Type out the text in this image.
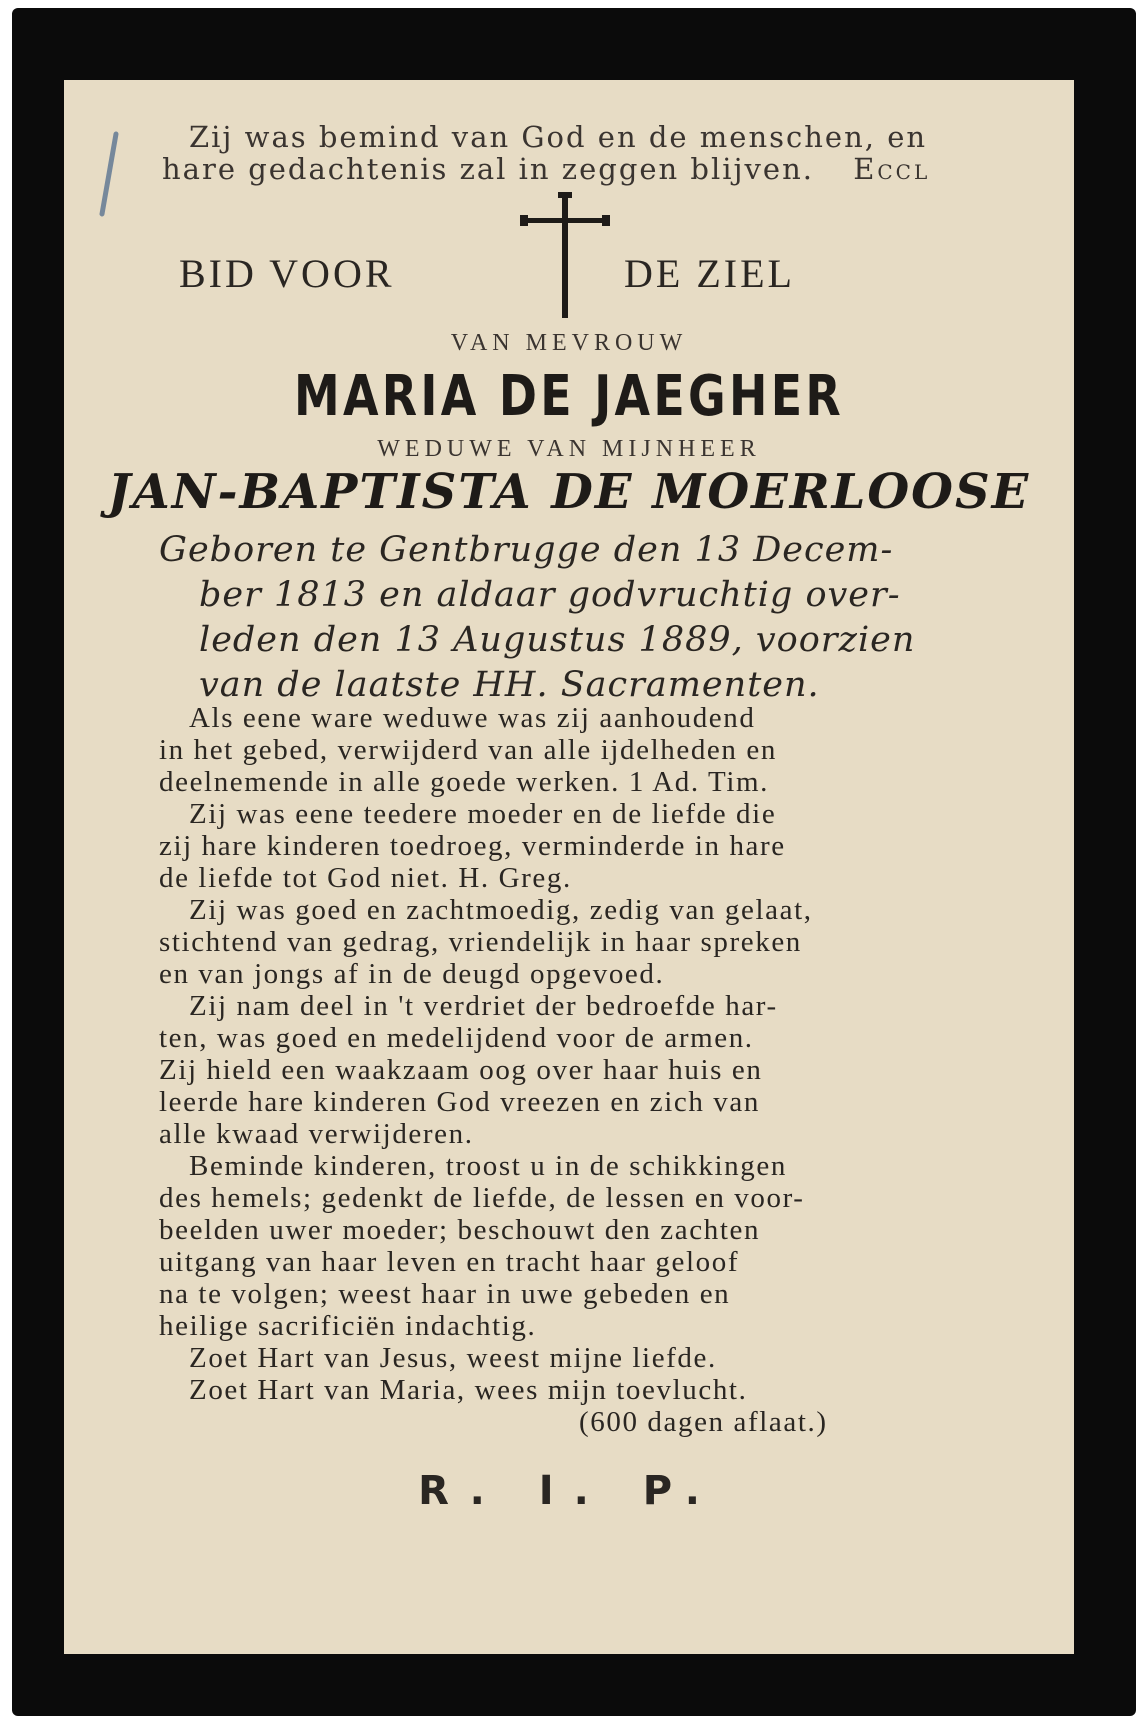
Zij was bemind van God en de menschen, en
hare gedachtenis zal in zeggen blijven. Eccl
BID VOOR	DE ZIEL
VAN MEVROUW
MARIA DE JAEGHER
WEDUWE VAN MIJNHEER
JAN-BAPTISTA DE MOERLOOSE
Geboren te Gentbrugge den 13 Decem-
ber 1813 en aldaar godvruchtig over-
leden den 13 Augustus 1889, voorzien
van de laatste HH. Sacramenten.
Als eene ware weduwe was zij aanhoudend
in het gebed, verwijderd van alle ijdelheden en
deelnemende in alle goede werken. 1 Ad. Tim.
Zij was eene teedere moeder en de liefde die
zij hare kinderen toedroeg, verminderde in hare
de liefde tot God niet. H. Greg.
Zij was goed en zachtmoedig, zedig van gelaat,
stichtend van gedrag, vriendelijk in haar spreken
en van jongs af in de deugd opgevoed.
Zij nam deel in 't verdriet der bedroefde har-
ten, was goed en medelijdend voor de armen.
Zij hield een waakzaam oog over haar huis en
leerde hare kinderen God vreezen en zich van
alle kwaad verwijderen.
Beminde kinderen, troost u in de schikkingen
des hemels; gedenkt de liefde, de lessen en voor-
beelden uwer moeder; beschouwt den zachten
uitgang van haar leven en tracht haar geloof
na te volgen; weest haar in uwe gebeden en
heilige sacrificiën indachtig.
Zoet Hart van Jesus, weest mijne liefde.
Zoet Hart van Maria, wees mijn toevlucht.
(600 dagen aflaat.)
R. I. P.
